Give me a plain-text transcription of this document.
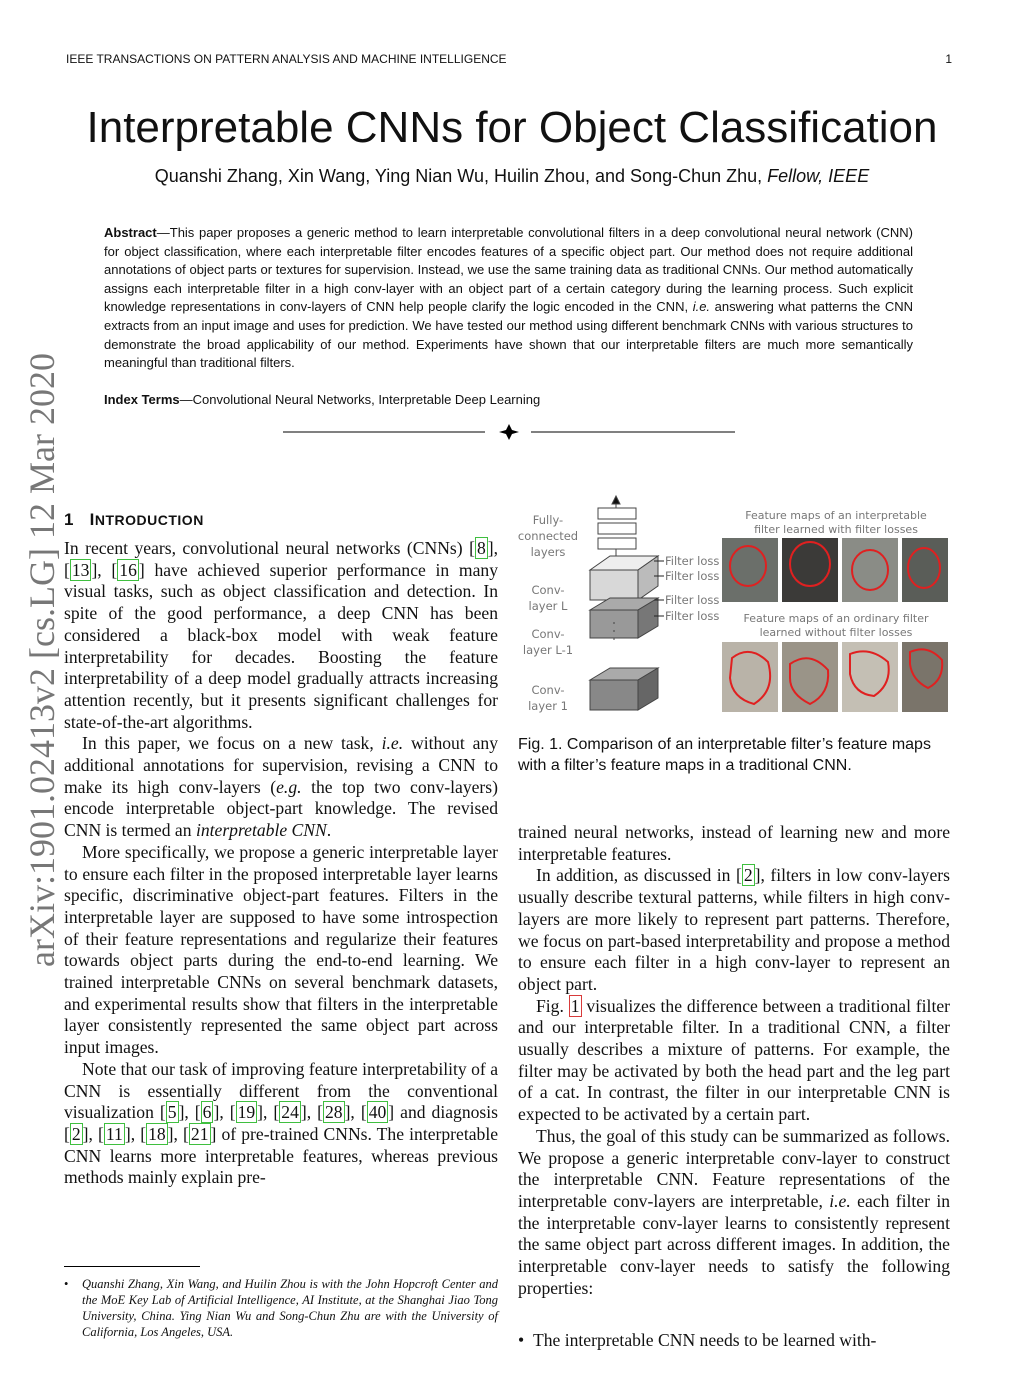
IEEE TRANSACTIONS ON PATTERN ANALYSIS AND MACHINE INTELLIGENCE	1
Interpretable CNNs for Object Classification
Quanshi Zhang, Xin Wang, Ying Nian Wu, Huilin Zhou, and Song-Chun Zhu, Fellow, IEEE
Abstract—This paper proposes a generic method to learn interpretable convolutional filters in a deep convolutional neural network (CNN) for object classification, where each interpretable filter encodes features of a specific object part. Our method does not require additional annotations of object parts or textures for supervision. Instead, we use the same training data as traditional CNNs. Our method automatically assigns each interpretable filter in a high conv-layer with an object part of a certain category during the learning process. Such explicit knowledge representations in conv-layers of CNN help people clarify the logic encoded in the CNN, i.e. answering what patterns the CNN extracts from an input image and uses for prediction. We have tested our method using different benchmark CNNs with various structures to demonstrate the broad applicability of our method. Experiments have shown that our interpretable filters are much more semantically meaningful than traditional filters.
Index Terms—Convolutional Neural Networks, Interpretable Deep Learning
arXiv:1901.02413v2 [cs.LG] 12 Mar 2020 1 INTRODUCTION

In recent years, convolutional neural networks (CNNs) [ 8 ], [ 13 ], [ 16 ] have achieved superior performance in many visual tasks, such as object classification and detection. In spite of the good performance, a deep CNN has been considered a black-box model with weak feature interpretability for decades. Boosting the feature interpretability of a deep model gradually attracts increasing attention recently, but it presents significant challenges for state-of-the-art algorithms.

In this paper, we focus on a new task, i.e. without any additional annotations for supervision, revising a CNN to make its high conv-layers (e.g. the top two conv-layers) encode interpretable object-part knowledge. The revised CNN is termed an interpretable CNN.

More specifically, we propose a generic interpretable layer to ensure each filter in the proposed interpretable layer learns specific, discriminative object-part features. Filters in the interpretable layer are supposed to have some introspection of their feature representations and regularize their features towards object parts during the end-to-end learning. We trained interpretable CNNs on several benchmark datasets, and experimental results show that filters in the interpretable layer consistently represented the same object part across input images.

Note that our task of improving feature interpretability of a CNN is essentially different from the conventional visualization [ 5 ], [ 6 ], [ 19 ], [ 24 ], [ 28 ], [ 40 ] and diagnosis [ 2 ], [ 11 ], [ 18 ], [ 21 ] of pre-trained CNNs. The interpretable CNN learns more interpretable features, whereas previous methods mainly explain pre-

• Quanshi Zhang, Xin Wang, and Huilin Zhou is with the John Hopcroft Center and the MoE Key Lab of Artificial Intelligence, AI Institute, at the Shanghai Jiao Tong University, China. Ying Nian Wu and Song-Chun Zhu are with the University of California, Los Angeles, USA.
Fully-
connected
layers
Conv-
layer L
Conv-
layer L-1
Conv-
layer 1
Filter loss
Filter loss
Filter loss
Filter loss
Feature maps of an interpretable
filter learned with filter losses
Feature maps of an ordinary filter
learned without filter losses
Fig. 1. Comparison of an interpretable filter’s feature maps with a filter’s feature maps in a traditional CNN.

trained neural networks, instead of learning new and more interpretable features.

In addition, as discussed in [ 2 ], filters in low conv-layers usually describe textural patterns, while filters in high conv-layers are more likely to represent part patterns. Therefore, we focus on part-based interpretability and propose a method to ensure each filter in a high conv-layer to represent an object part.

Fig. 1 visualizes the difference between a traditional filter and our interpretable filter. In a traditional CNN, a filter usually describes a mixture of patterns. For example, the filter may be activated by both the head part and the leg part of a cat. In contrast, the filter in our interpretable CNN is expected to be activated by a certain part.

Thus, the goal of this study can be summarized as follows. We propose a generic interpretable conv-layer to construct the interpretable CNN. Feature representations of the interpretable conv-layers are interpretable, i.e. each filter in the interpretable conv-layer learns to consistently represent the same object part across different images. In addition, the interpretable conv-layer needs to satisfy the following properties:

• The interpretable CNN needs to be learned with-
